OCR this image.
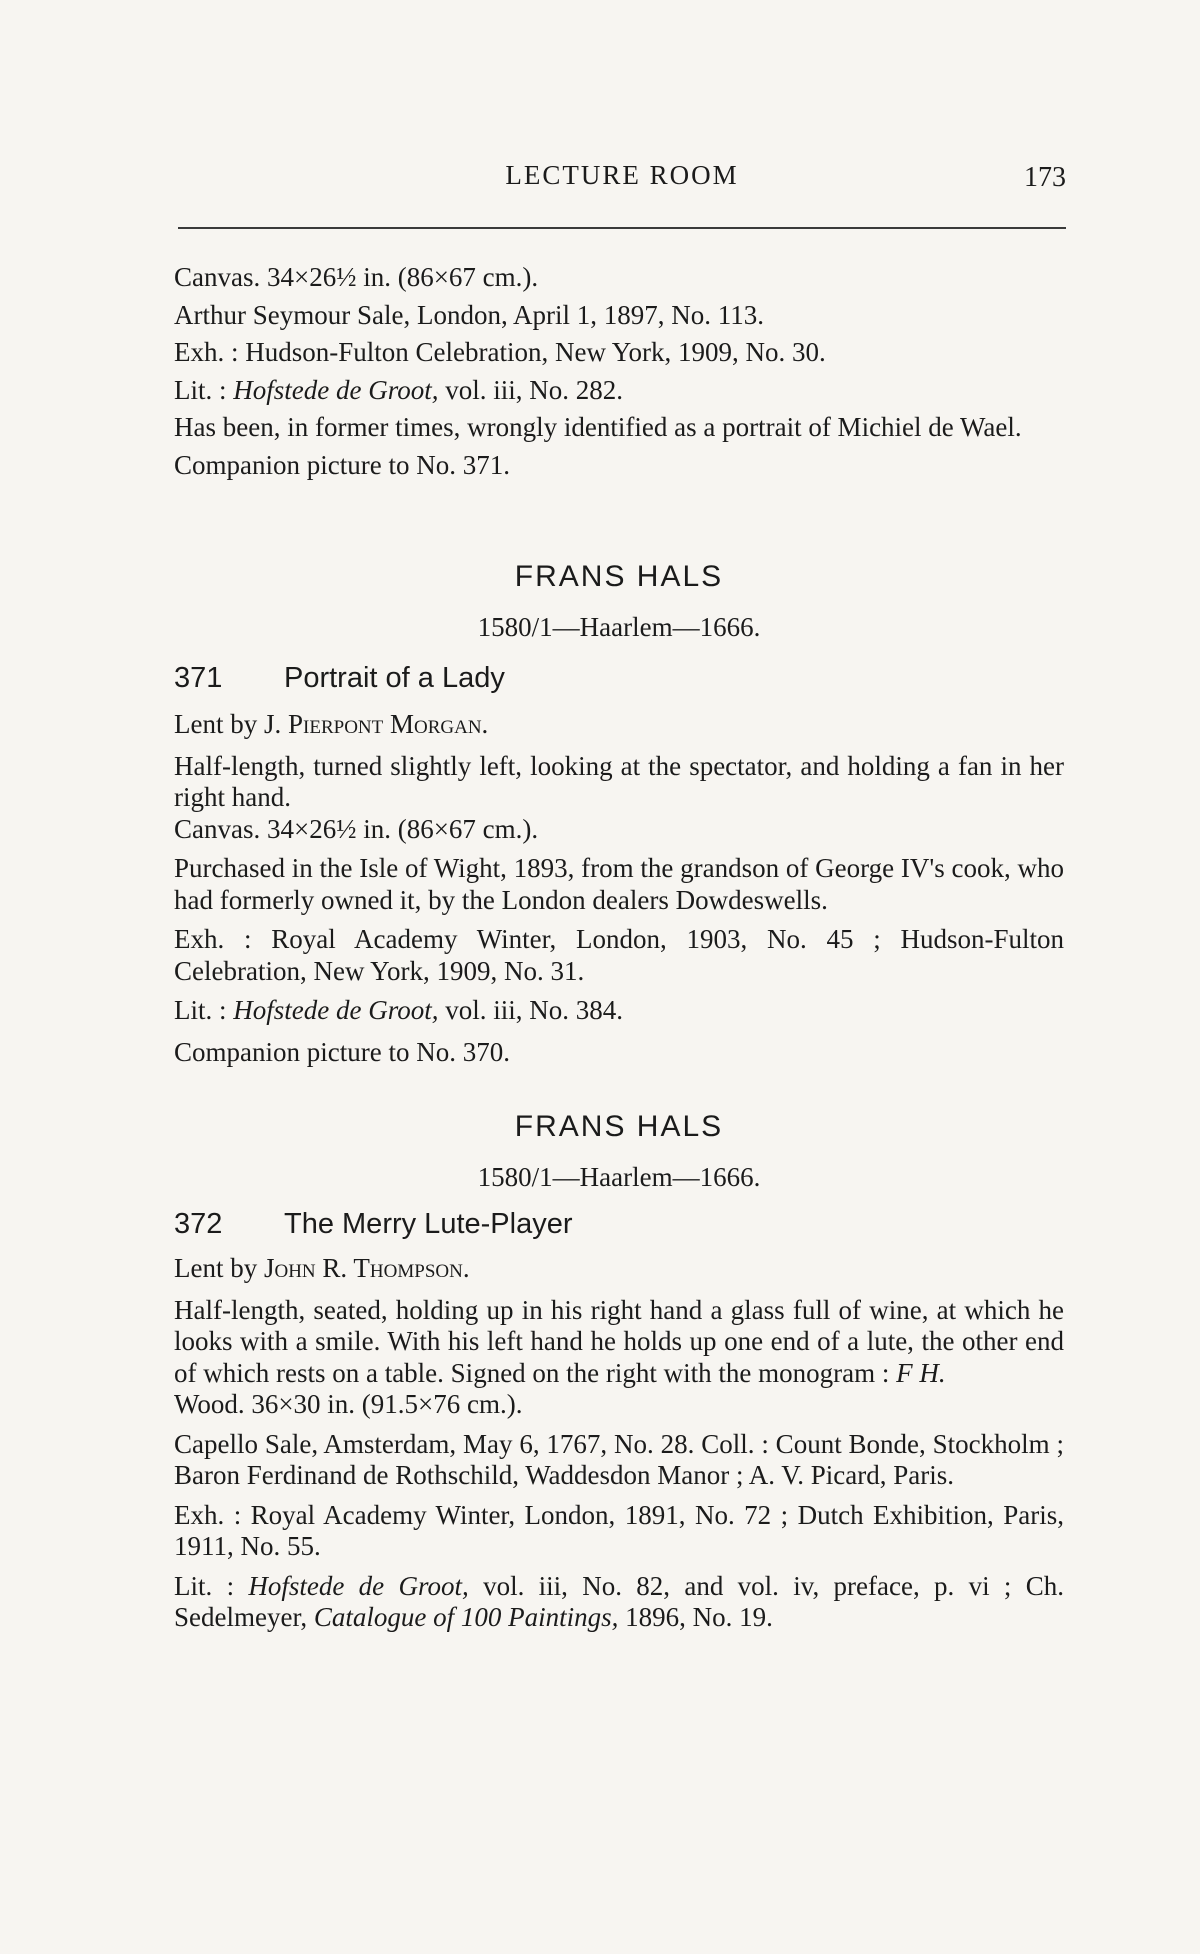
LECTURE ROOM	173

Canvas. 34×26½ in. (86×67 cm.).

Arthur Seymour Sale, London, April 1, 1897, No. 113.

Exh. : Hudson-Fulton Celebration, New York, 1909, No. 30.

Lit. : Hofstede de Groot, vol. iii, No. 282.

Has been, in former times, wrongly identified as a portrait of Michiel de Wael.

Companion picture to No. 371.

FRANS HALS

1580/1—Haarlem—1666.

371 Portrait of a Lady

Lent by J. Pierpont Morgan.

Half-length, turned slightly left, looking at the spectator, and holding a fan in her right hand.

Canvas. 34×26½ in. (86×67 cm.).

Purchased in the Isle of Wight, 1893, from the grandson of George IV's cook, who had formerly owned it, by the London dealers Dowdeswells.

Exh. : Royal Academy Winter, London, 1903, No. 45 ; Hudson-Fulton Celebration, New York, 1909, No. 31.

Lit. : Hofstede de Groot, vol. iii, No. 384.

Companion picture to No. 370.

FRANS HALS

1580/1—Haarlem—1666.

372 The Merry Lute-Player

Lent by John R. Thompson.

Half-length, seated, holding up in his right hand a glass full of wine, at which he looks with a smile. With his left hand he holds up one end of a lute, the other end of which rests on a table. Signed on the right with the monogram : F H.

Wood. 36×30 in. (91.5×76 cm.).

Capello Sale, Amsterdam, May 6, 1767, No. 28. Coll. : Count Bonde, Stockholm ; Baron Ferdinand de Rothschild, Waddesdon Manor ; A. V. Picard, Paris.

Exh. : Royal Academy Winter, London, 1891, No. 72 ; Dutch Exhibition, Paris, 1911, No. 55.

Lit. : Hofstede de Groot, vol. iii, No. 82, and vol. iv, preface, p. vi ; Ch. Sedelmeyer, Catalogue of 100 Paintings, 1896, No. 19.
